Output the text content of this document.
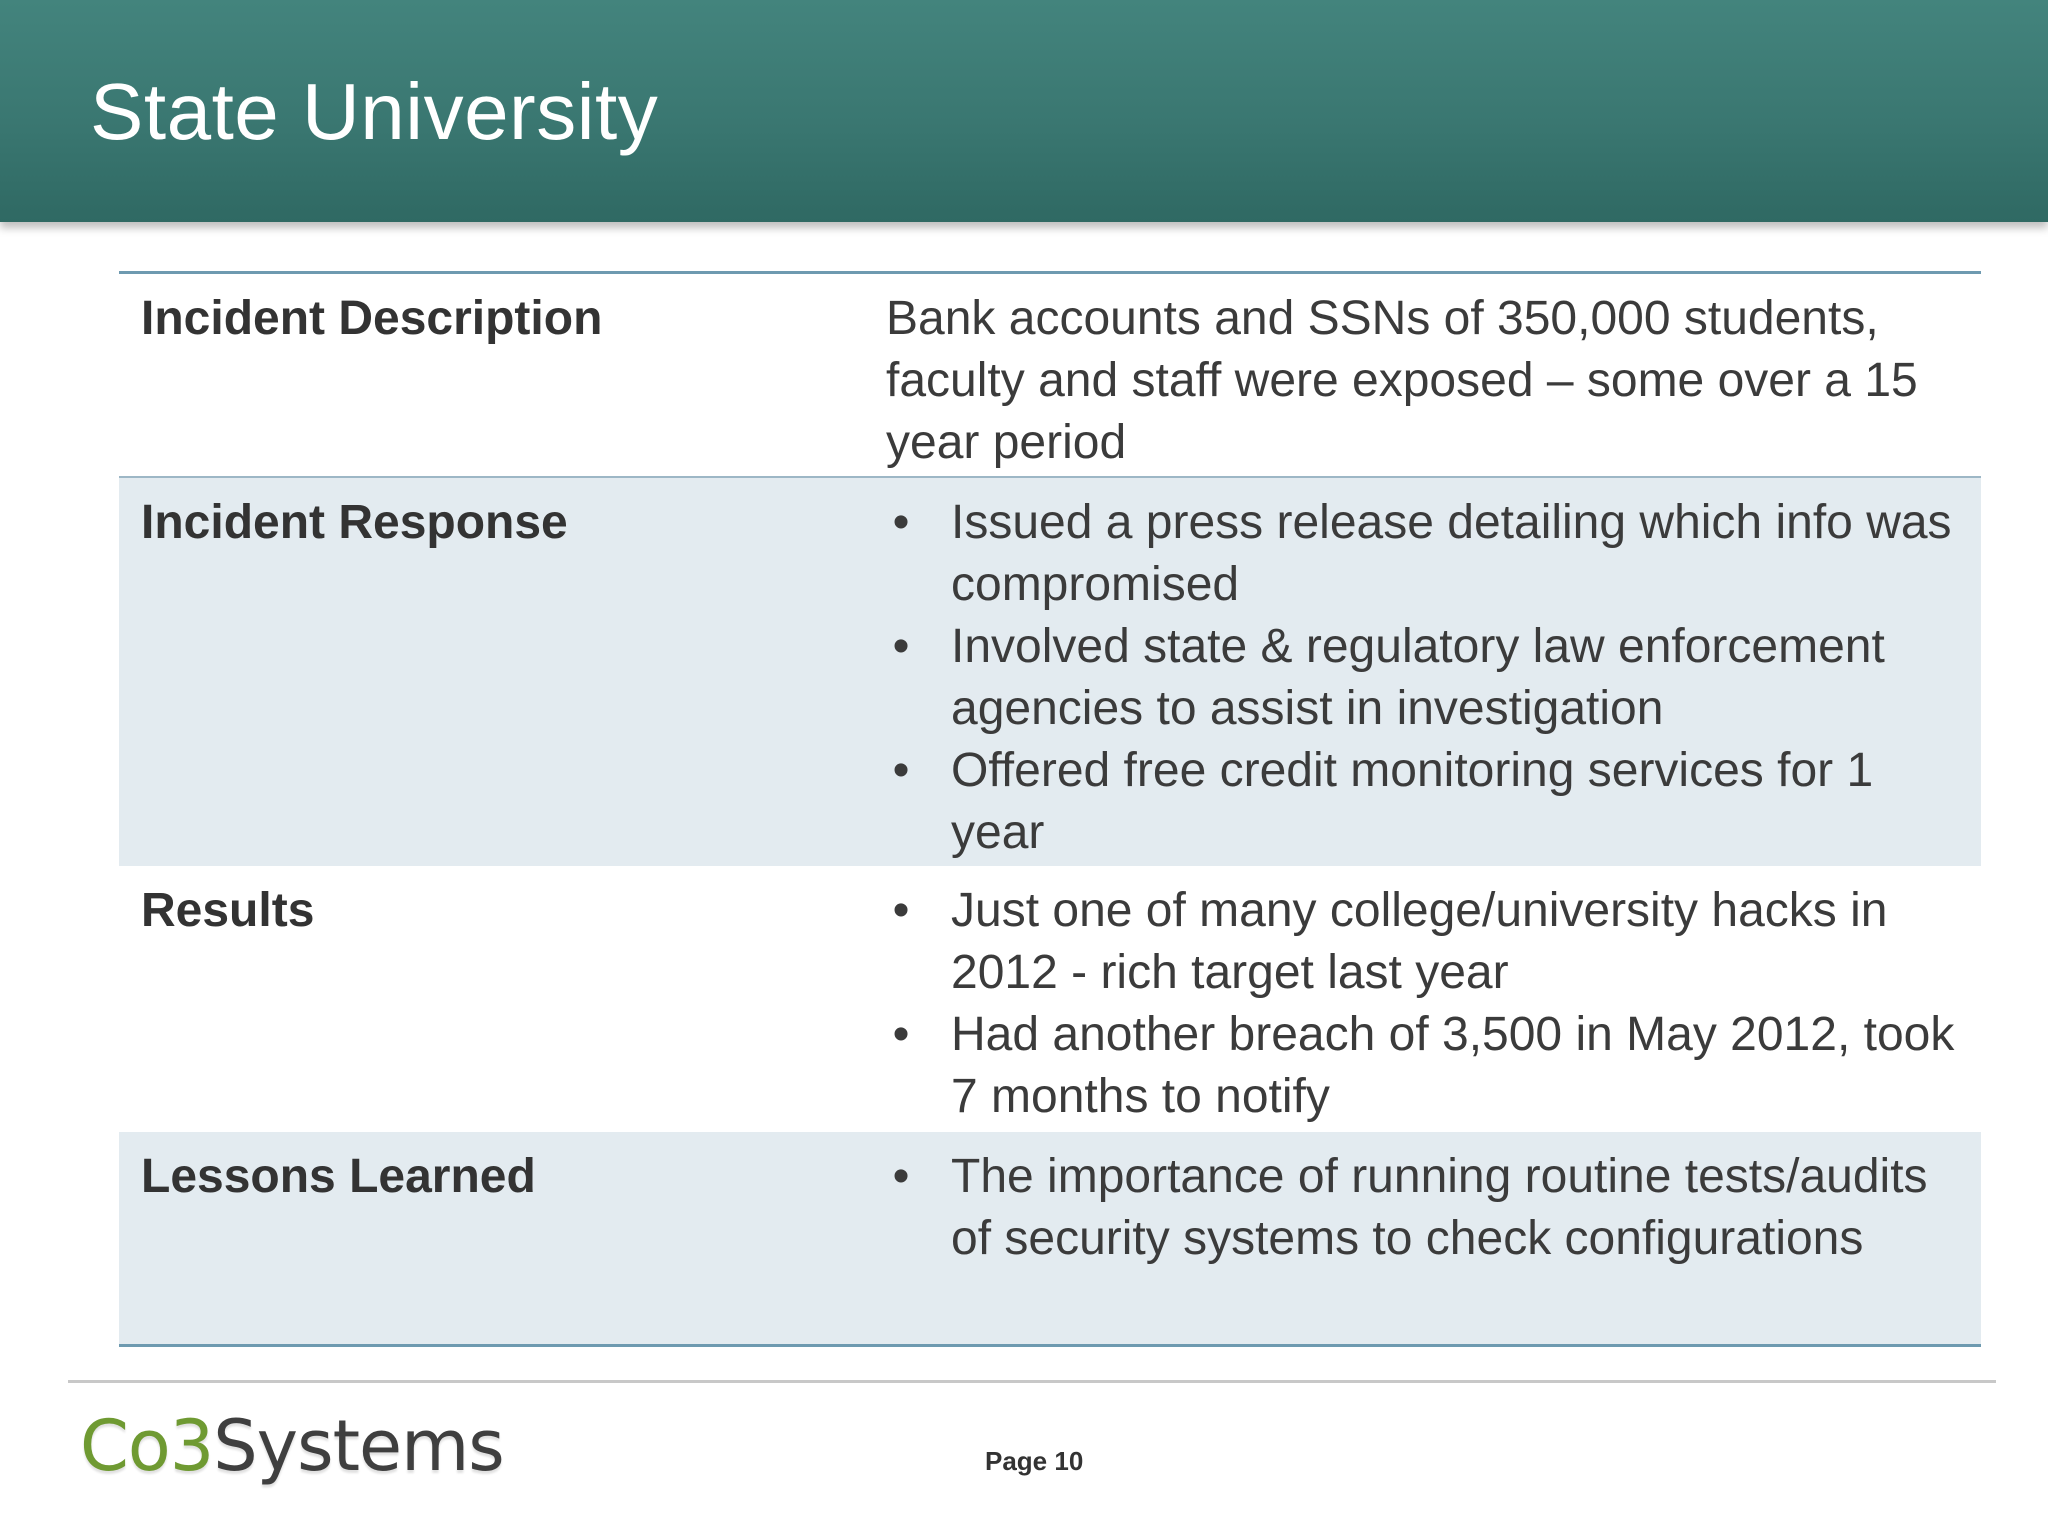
State University
Incident Description	Bank accounts and SSNs of 350,000 students, faculty and staff were exposed – some over a 15 year period
Incident Response	• Issued a press release detailing which info was compromised
• Involved state & regulatory law enforcement agencies to assist in investigation
• Offered free credit monitoring services for 1 year
Results	• Just one of many college/university hacks in 2012 - rich target last year
• Had another breach of 3,500 in May 2012, took 7 months to notify
Lessons Learned	• The importance of running routine tests/audits of security systems to check configurations
Co3Systems	Page 10
